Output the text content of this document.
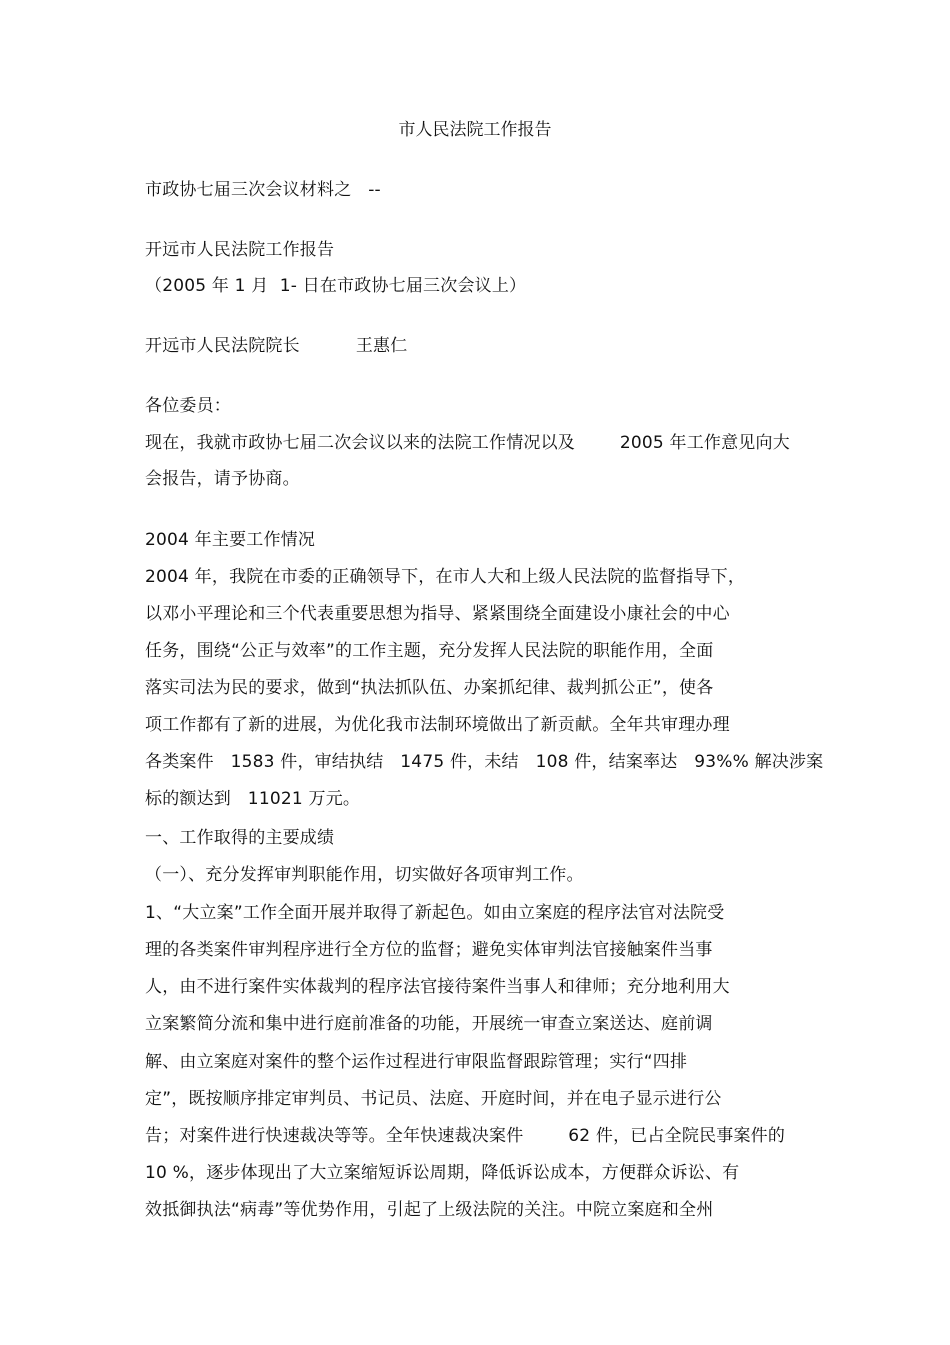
市人民法院工作报告
市政协七届三次会议材料之   --
开远市人民法院工作报告
（2005 年 1 月  1- 日在市政协七届三次会议上）
开远市人民法院院长          王惠仁
各位委员：
现在，我就市政协七届二次会议以来的法院工作情况以及        2005 年工作意见向大
会报告，请予协商。
2004 年主要工作情况
2004 年，我院在市委的正确领导下，在市人大和上级人民法院的监督指导下，
以邓小平理论和三个代表重要思想为指导、紧紧围绕全面建设小康社会的中心
任务，围绕“公正与效率”的工作主题，充分发挥人民法院的职能作用，全面
落实司法为民的要求，做到“执法抓队伍、办案抓纪律、裁判抓公正”，使各
项工作都有了新的进展，为优化我市法制环境做出了新贡献。全年共审理办理
各类案件   1583 件，审结执结   1475 件，未结   108 件，结案率达   93%% 解决涉案
标的额达到   11021 万元。
一、工作取得的主要成绩
（一）、充分发挥审判职能作用，切实做好各项审判工作。
1、“大立案”工作全面开展并取得了新起色。如由立案庭的程序法官对法院受
理的各类案件审判程序进行全方位的监督；避免实体审判法官接触案件当事
人，由不进行案件实体裁判的程序法官接待案件当事人和律师；充分地利用大
立案繁简分流和集中进行庭前准备的功能，开展统一审查立案送达、庭前调
解、由立案庭对案件的整个运作过程进行审限监督跟踪管理；实行“四排
定”，既按顺序排定审判员、书记员、法庭、开庭时间，并在电子显示进行公
告；对案件进行快速裁决等等。全年快速裁决案件        62 件，已占全院民事案件的
10 %，逐步体现出了大立案缩短诉讼周期，降低诉讼成本，方便群众诉讼、有
效抵御执法“病毒”等优势作用，引起了上级法院的关注。中院立案庭和全州
